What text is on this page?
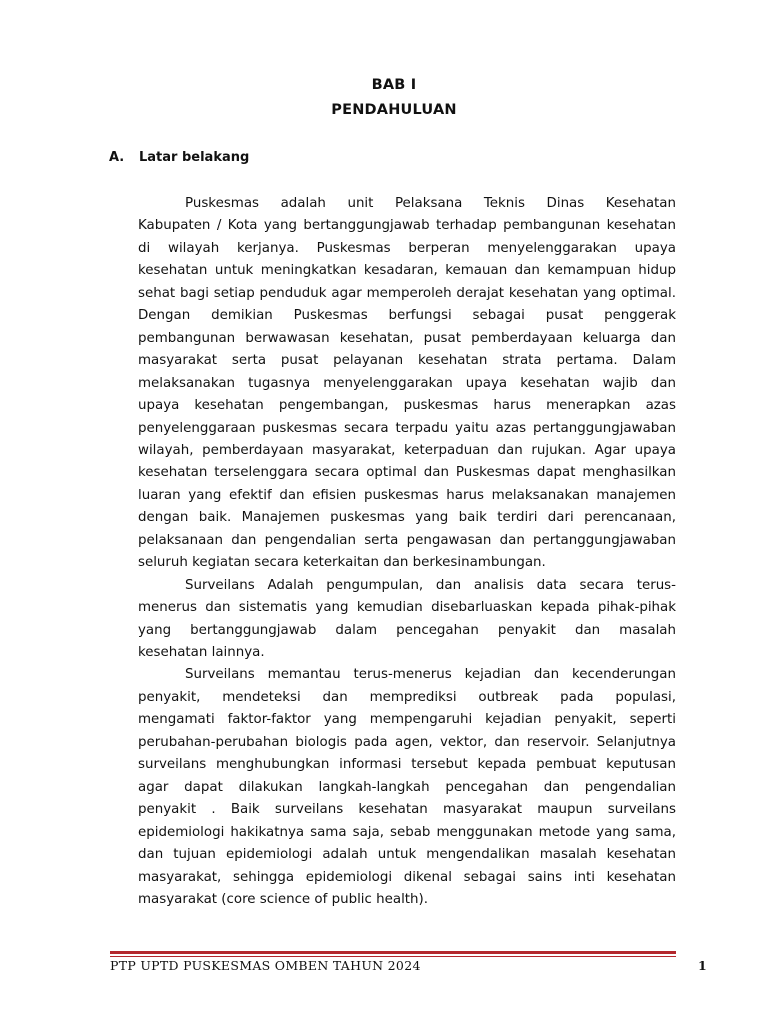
BAB I
PENDAHULUAN
A. Latar belakang
Puskesmas adalah unit Pelaksana Teknis Dinas Kesehatan
Kabupaten / Kota yang bertanggungjawab terhadap pembangunan kesehatan
di wilayah kerjanya. Puskesmas berperan menyelenggarakan upaya
kesehatan untuk meningkatkan kesadaran, kemauan dan kemampuan hidup
sehat bagi setiap penduduk agar memperoleh derajat kesehatan yang optimal.
Dengan demikian Puskesmas berfungsi sebagai pusat penggerak
pembangunan berwawasan kesehatan, pusat pemberdayaan keluarga dan
masyarakat serta pusat pelayanan kesehatan strata pertama. Dalam
melaksanakan tugasnya menyelenggarakan upaya kesehatan wajib dan
upaya kesehatan pengembangan, puskesmas harus menerapkan azas
penyelenggaraan puskesmas secara terpadu yaitu azas pertanggungjawaban
wilayah, pemberdayaan masyarakat, keterpaduan dan rujukan. Agar upaya
kesehatan terselenggara secara optimal dan Puskesmas dapat menghasilkan
luaran yang efektif dan efisien puskesmas harus melaksanakan manajemen
dengan baik. Manajemen puskesmas yang baik terdiri dari perencanaan,
pelaksanaan dan pengendalian serta pengawasan dan pertanggungjawaban
seluruh kegiatan secara keterkaitan dan berkesinambungan.
Surveilans Adalah pengumpulan, dan analisis data secara terus-
menerus dan sistematis yang kemudian disebarluaskan kepada pihak-pihak
yang bertanggungjawab dalam pencegahan penyakit dan masalah
kesehatan lainnya.
Surveilans memantau terus-menerus kejadian dan kecenderungan
penyakit, mendeteksi dan memprediksi outbreak pada populasi,
mengamati faktor-faktor yang mempengaruhi kejadian penyakit, seperti
perubahan-perubahan biologis pada agen, vektor, dan reservoir. Selanjutnya
surveilans menghubungkan informasi tersebut kepada pembuat keputusan
agar dapat dilakukan langkah-langkah pencegahan dan pengendalian
penyakit . Baik surveilans kesehatan masyarakat maupun surveilans
epidemiologi hakikatnya sama saja, sebab menggunakan metode yang sama,
dan tujuan epidemiologi adalah untuk mengendalikan masalah kesehatan
masyarakat, sehingga epidemiologi dikenal sebagai sains inti kesehatan
masyarakat (core science of public health).
PTP UPTD PUSKESMAS OMBEN TAHUN 2024	1
